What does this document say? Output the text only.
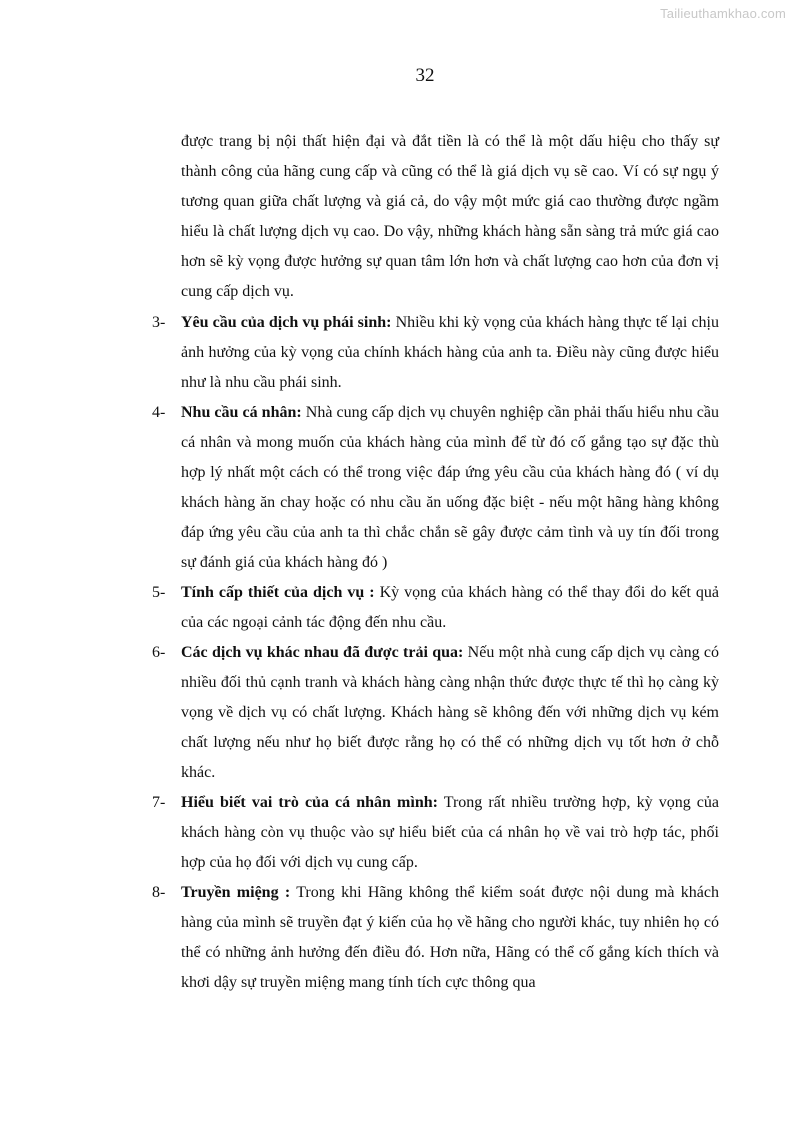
Tailieuthamkhao.com
32

được trang bị nội thất hiện đại và đắt tiền là có thể là một dấu hiệu cho thấy sự thành công của hãng cung cấp và cũng có thể là giá dịch vụ sẽ cao. Ví có sự ngụ ý tương quan giữa chất lượng và giá cả, do vậy một mức giá cao thường được ngầm hiểu là chất lượng dịch vụ cao. Do vậy, những khách hàng sẵn sàng trả mức giá cao hơn sẽ kỳ vọng được hưởng sự quan tâm lớn hơn và chất lượng cao hơn của đơn vị cung cấp dịch vụ.

3- Yêu cầu của dịch vụ phái sinh: Nhiều khi kỳ vọng của khách hàng thực tế lại chịu ảnh hưởng của kỳ vọng của chính khách hàng của anh ta. Điều này cũng được hiểu như là nhu cầu phái sinh.
4- Nhu cầu cá nhân: Nhà cung cấp dịch vụ chuyên nghiệp cần phải thấu hiểu nhu cầu cá nhân và mong muốn của khách hàng của mình để từ đó cố gắng tạo sự đặc thù hợp lý nhất một cách có thể trong việc đáp ứng yêu cầu của khách hàng đó ( ví dụ khách hàng ăn chay hoặc có nhu cầu ăn uống đặc biệt - nếu một hãng hàng không đáp ứng yêu cầu của anh ta thì chắc chắn sẽ gây được cảm tình và uy tín đối trong sự đánh giá của khách hàng đó )
5- Tính cấp thiết của dịch vụ : Kỳ vọng của khách hàng có thể thay đổi do kết quả của các ngoại cảnh tác động đến nhu cầu.
6- Các dịch vụ khác nhau đã được trải qua: Nếu một nhà cung cấp dịch vụ càng có nhiều đối thủ cạnh tranh và khách hàng càng nhận thức được thực tế thì họ càng kỳ vọng về dịch vụ có chất lượng. Khách hàng sẽ không đến với những dịch vụ kém chất lượng nếu như họ biết được rằng họ có thể có những dịch vụ tốt hơn ở chỗ khác.
7- Hiểu biết vai trò của cá nhân mình: Trong rất nhiều trường hợp, kỳ vọng của khách hàng còn vụ thuộc vào sự hiểu biết của cá nhân họ về vai trò hợp tác, phối hợp của họ đối với dịch vụ cung cấp.
8- Truyền miệng : Trong khi Hãng không thể kiểm soát được nội dung mà khách hàng của mình sẽ truyền đạt ý kiến của họ về hãng cho người khác, tuy nhiên họ có thể có những ảnh hưởng đến điều đó. Hơn nữa, Hãng có thể cố gắng kích thích và khơi dậy sự truyền miệng mang tính tích cực thông qua
